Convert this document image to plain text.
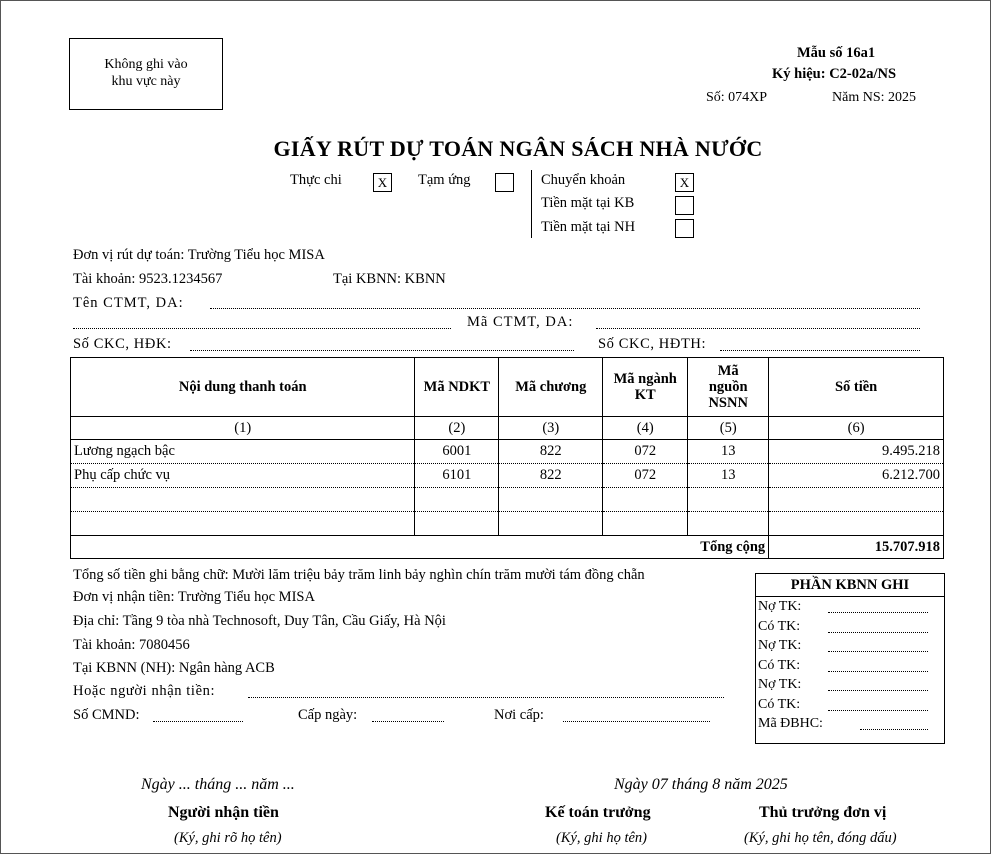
Không ghi vào
khu vực này
Mẫu số 16a1
Ký hiệu: C2-02a/NS
Số: 074XP	Năm NS: 2025
GIẤY RÚT DỰ TOÁN NGÂN SÁCH NHÀ NƯỚC
Thực chi	X	Tạm ứng	Chuyển khoản	X
Tiền mặt tại KB
Tiền mặt tại NH
Đơn vị rút dự toán: Trường Tiểu học MISA
Tài khoản: 9523.1234567	Tại KBNN: KBNN
Tên CTMT, DA:
Mã CTMT, DA:
Số CKC, HĐK:	Số CKC, HĐTH:
Nội dung thanh toán	Mã NDKT	Mã chương	Mã ngành KT	Mã nguồn NSNN	Số tiền
(1)	(2)	(3)	(4)	(5)	(6)
Lương ngạch bậc	6001	822	072	13	9.495.218
Phụ cấp chức vụ	6101	822	072	13	6.212.700

Tổng cộng					15.707.918
Tổng số tiền ghi bằng chữ: Mười lăm triệu bảy trăm linh bảy nghìn chín trăm mười tám đồng chẵn
Đơn vị nhận tiền: Trường Tiểu học MISA
Địa chỉ: Tầng 9 tòa nhà Technosoft, Duy Tân, Cầu Giấy, Hà Nội
Tài khoản: 7080456
Tại KBNN (NH): Ngân hàng ACB
Hoặc người nhận tiền:
Số CMND:	Cấp ngày:	Nơi cấp:
PHẦN KBNN GHI
Nợ TK:
Có TK:
Nợ TK:
Có TK:
Nợ TK:
Có TK:
Mã ĐBHC:
Ngày ... tháng ... năm ...	Ngày 07 tháng 8 năm 2025
Người nhận tiền
(Ký, ghi rõ họ tên)
Kế toán trưởng
(Ký, ghi họ tên)
Thủ trưởng đơn vị
(Ký, ghi họ tên, đóng dấu)
